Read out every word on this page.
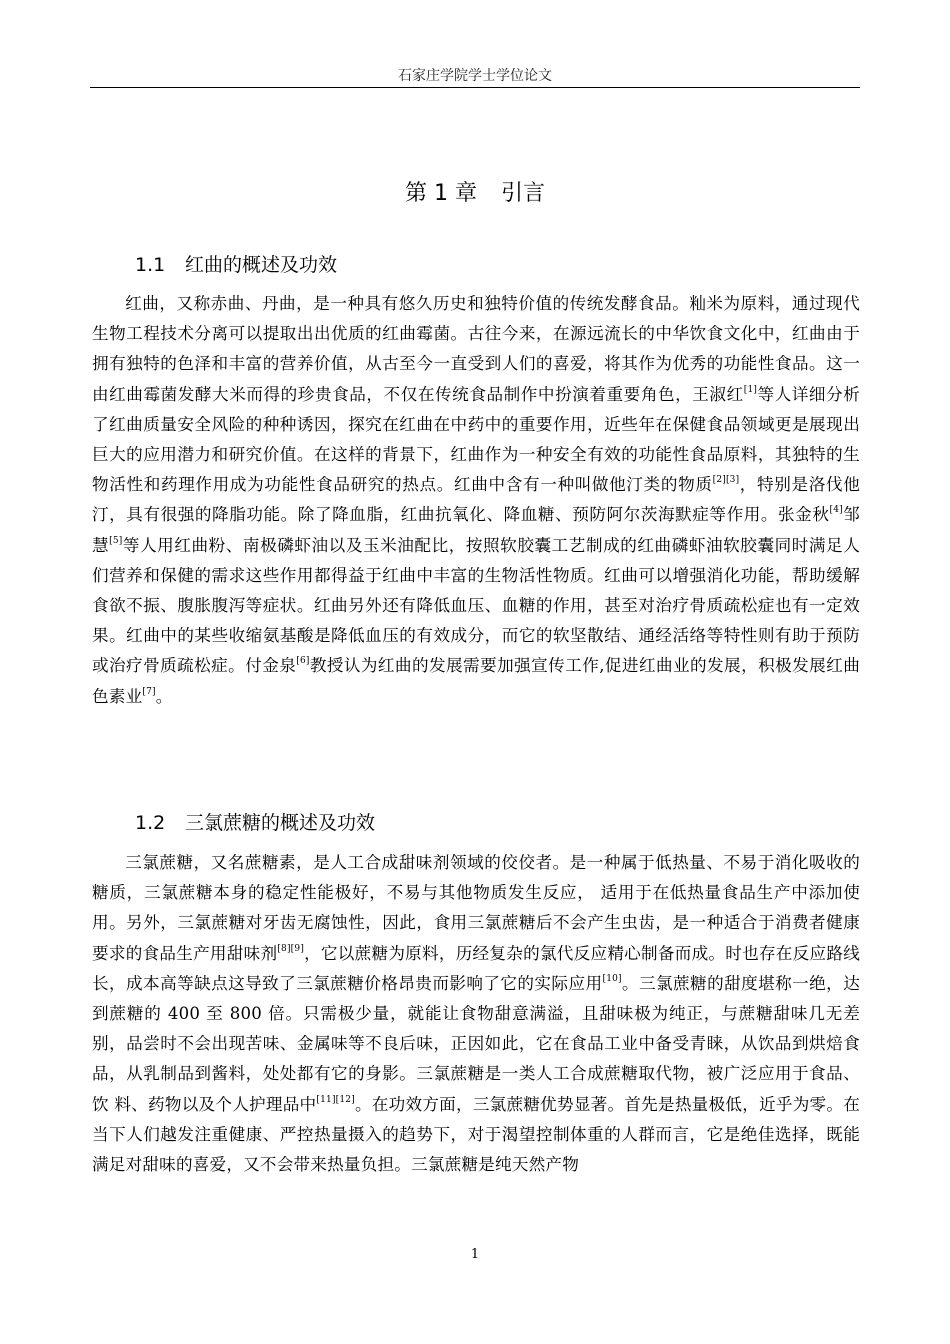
石家庄学院学士学位论文
第 1 章 引言
1.1 红曲的概述及功效

红曲，又称赤曲、丹曲，是一种具有悠久历史和独特价值的传统发酵食品。籼米为原料，通过现代生物工程技术分离可以提取出出优质的红曲霉菌。古往今来，在源远流长的中华饮食文化中，红曲由于拥有独特的色泽和丰富的营养价值，从古至今一直受到人们的喜爱，将其作为优秀的功能性食品。这一由红曲霉菌发酵大米而得的珍贵食品，不仅在传统食品制作中扮演着重要角色，王淑红[1]等人详细分析了红曲质量安全风险的种种诱因，探究在红曲在中药中的重要作用，近些年在保健食品领域更是展现出巨大的应用潜力和研究价值。在这样的背景下，红曲作为一种安全有效的功能性食品原料，其独特的生物活性和药理作用成为功能性食品研究的热点。红曲中含有一种叫做他汀类的物质[2][3]，特别是洛伐他汀，具有很强的降脂功能。除了降血脂，红曲抗氧化、降血糖、预防阿尔茨海默症等作用。张金秋[4]邹慧[5]等人用红曲粉、南极磷虾油以及玉米油配比，按照软胶囊工艺制成的红曲磷虾油软胶囊同时满足人们营养和保健的需求这些作用都得益于红曲中丰富的生物活性物质。红曲可以增强消化功能，帮助缓解食欲不振、腹胀腹泻等症状。红曲另外还有降低血压、血糖的作用，甚至对治疗骨质疏松症也有一定效果。红曲中的某些收缩氨基酸是降低血压的有效成分，而它的软坚散结、通经活络等特性则有助于预防或治疗骨质疏松症。付金泉[6]教授认为红曲的发展需要加强宣传工作,促进红曲业的发展，积极发展红曲色素业[7]。

1.2 三氯蔗糖的概述及功效

三氯蔗糖，又名蔗糖素，是人工合成甜味剂领域的佼佼者。是一种属于低热量、不易于消化吸收的糖质，三氯蔗糖本身的稳定性能极好，不易与其他物质发生反应， 适用于在低热量食品生产中添加使用。另外，三氯蔗糖对牙齿无腐蚀性，因此，食用三氯蔗糖后不会产生虫齿，是一种适合于消费者健康要求的食品生产用甜味剂[8][9]，它以蔗糖为原料，历经复杂的氯代反应精心制备而成。时也存在反应路线长，成本高等缺点这导致了三氯蔗糖价格昂贵而影响了它的实际应用[10]。三氯蔗糖的甜度堪称一绝，达到蔗糖的 400 至 800 倍。只需极少量，就能让食物甜意满溢，且甜味极为纯正，与蔗糖甜味几无差别，品尝时不会出现苦味、金属味等不良后味，正因如此，它在食品工业中备受青睐，从饮品到烘焙食品，从乳制品到酱料，处处都有它的身影。三氯蔗糖是一类人工合成蔗糖取代物，被广泛应用于食品、饮 料、药物以及个人护理品中[11][12]。在功效方面，三氯蔗糖优势显著。首先是热量极低，近乎为零。在当下人们越发注重健康、严控热量摄入的趋势下，对于渴望控制体重的人群而言，它是绝佳选择，既能满足对甜味的喜爱，又不会带来热量负担。三氯蔗糖是纯天然产物

1
